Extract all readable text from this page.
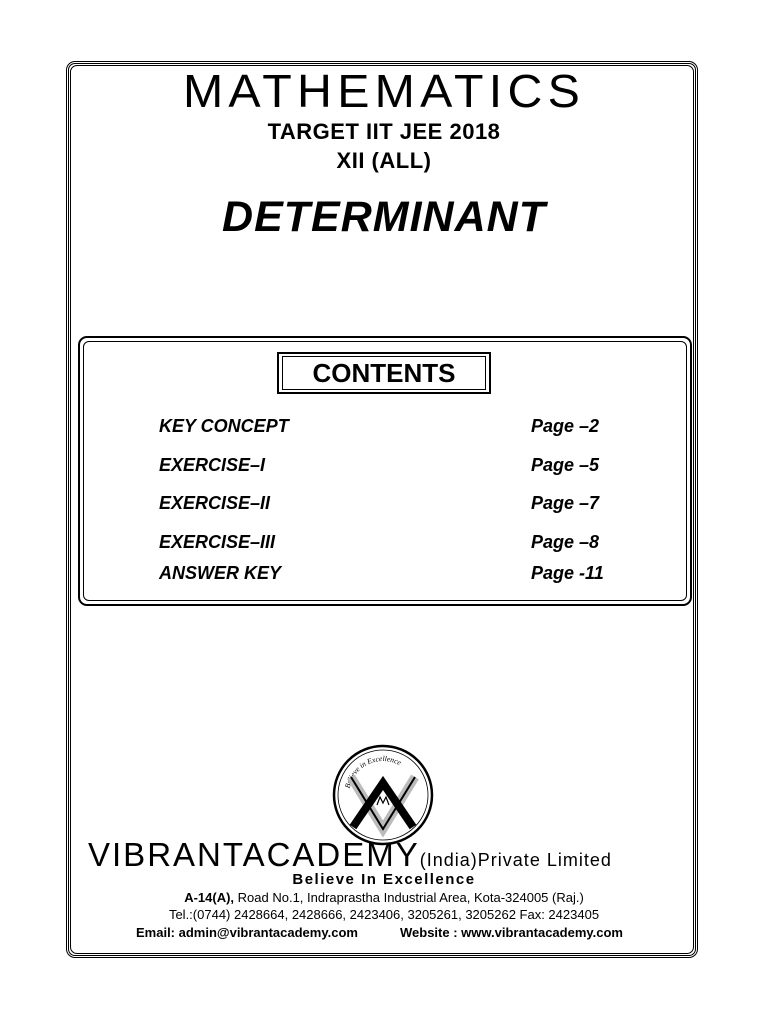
MATHEMATICS
TARGET IIT JEE 2018
XII (ALL)
DETERMINANT
CONTENTS
KEY CONCEPT	Page –2
EXERCISE–I	Page –5
EXERCISE–II	Page –7
EXERCISE–III	Page –8
ANSWER KEY	Page -11
Believe in Excellence
VIBRANTACADEMY(India)Private Limited
Believe In Excellence
A-14(A), Road No.1, Indraprastha Industrial Area, Kota-324005 (Raj.)
Tel.:(0744) 2428664, 2428666, 2423406, 3205261, 3205262 Fax: 2423405
Email: admin@vibrantacademy.com	Website : www.vibrantacademy.com
